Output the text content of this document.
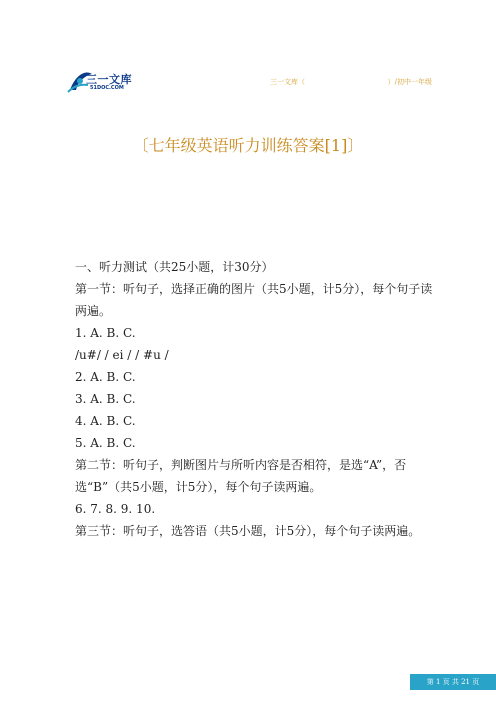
三一文库
51DOC.COM
三一文库（	）/初中一年级
〔七年级英语听力训练答案[1]〕

一、听力测试（共25小题，计30分）

第一节：听句子，选择正确的图片（共5小题，计5分），每个句子读两遍。

1. A. B. C.

/u#/ / ei / / #u /

2. A. B. C.

3. A. B. C.

4. A. B. C.

5. A. B. C.

第二节：听句子，判断图片与所听内容是否相符，是选“A”，否选“B”（共5小题，计5分），每个句子读两遍。

6. 7. 8. 9. 10.

第三节：听句子，选答语（共5小题，计5分），每个句子读两遍。

第 1 页 共 21 页
